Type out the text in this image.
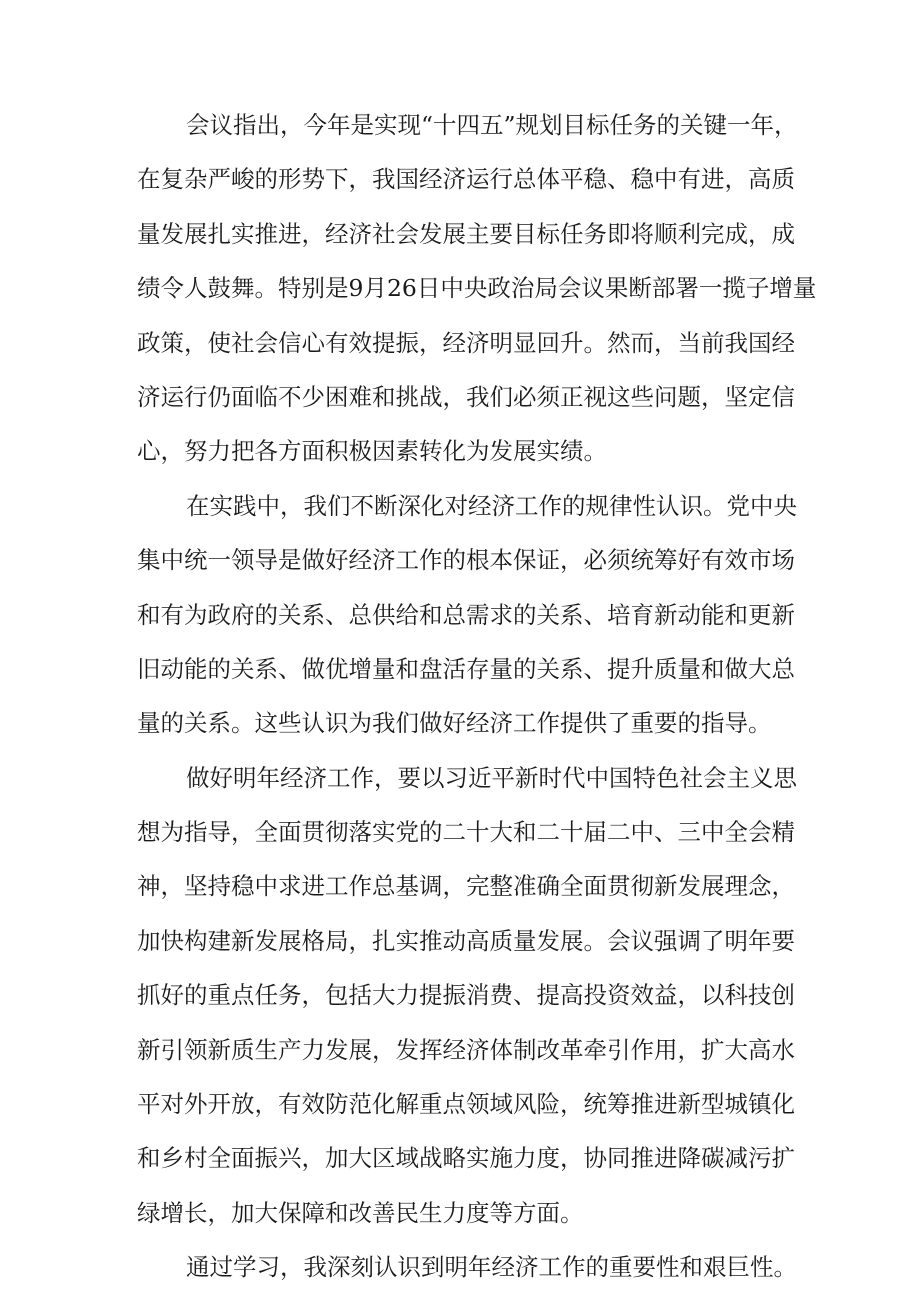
会议指出，今年是实现“十四五”规划目标任务的关键一年，
在复杂严峻的形势下，我国经济运行总体平稳、稳中有进，高质
量发展扎实推进，经济社会发展主要目标任务即将顺利完成，成
绩令人鼓舞。特别是9月26日中央政治局会议果断部署一揽子增量
政策，使社会信心有效提振，经济明显回升。然而，当前我国经
济运行仍面临不少困难和挑战，我们必须正视这些问题，坚定信
心，努力把各方面积极因素转化为发展实绩。
在实践中，我们不断深化对经济工作的规律性认识。党中央
集中统一领导是做好经济工作的根本保证，必须统筹好有效市场
和有为政府的关系、总供给和总需求的关系、培育新动能和更新
旧动能的关系、做优增量和盘活存量的关系、提升质量和做大总
量的关系。这些认识为我们做好经济工作提供了重要的指导。
做好明年经济工作，要以习近平新时代中国特色社会主义思
想为指导，全面贯彻落实党的二十大和二十届二中、三中全会精
神，坚持稳中求进工作总基调，完整准确全面贯彻新发展理念，
加快构建新发展格局，扎实推动高质量发展。会议强调了明年要
抓好的重点任务，包括大力提振消费、提高投资效益，以科技创
新引领新质生产力发展，发挥经济体制改革牵引作用，扩大高水
平对外开放，有效防范化解重点领域风险，统筹推进新型城镇化
和乡村全面振兴，加大区域战略实施力度，协同推进降碳减污扩
绿增长，加大保障和改善民生力度等方面。
通过学习，我深刻认识到明年经济工作的重要性和艰巨性。
